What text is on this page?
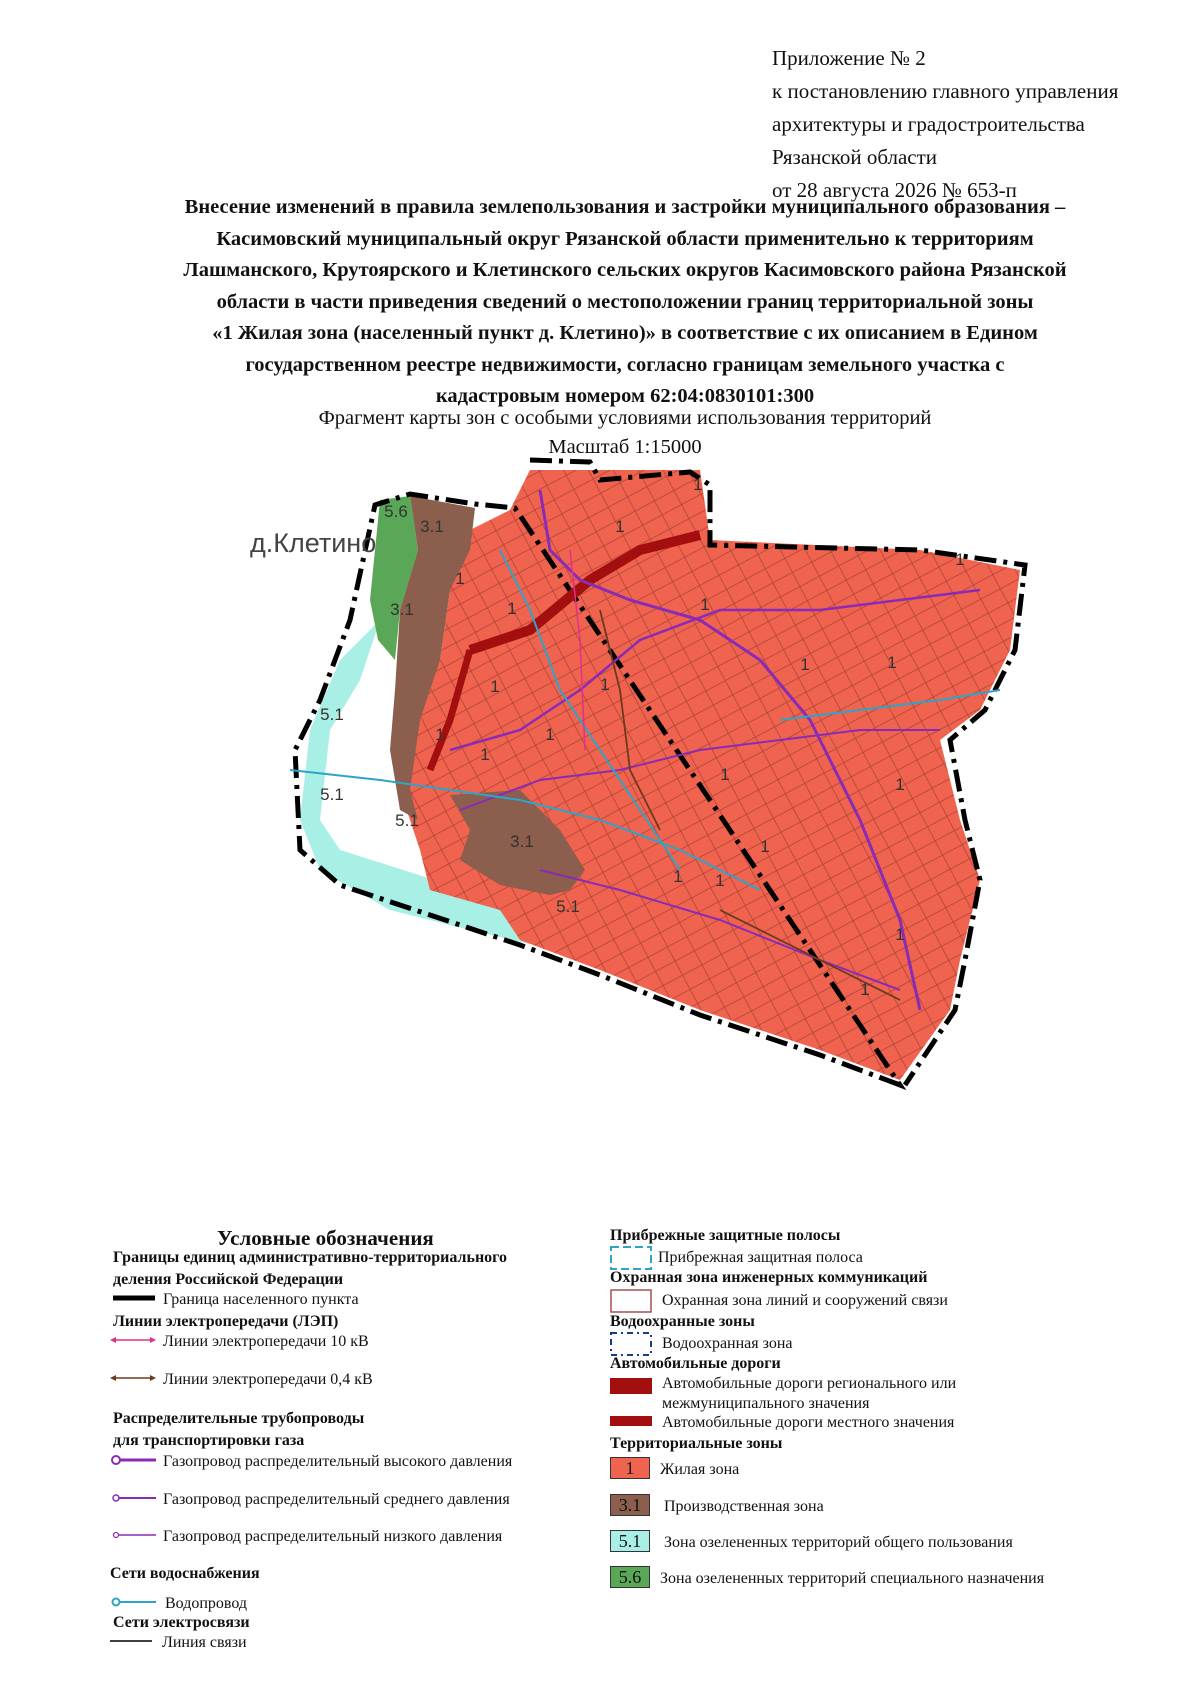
Приложение № 2
к постановлению главного управления
архитектуры и градостроительства
Рязанской области
от 28 августа 2026 № 653-п
Внесение изменений в правила землепользования и застройки муниципального образования –
Касимовский муниципальный округ Рязанской области применительно к территориям
Лашманского, Крутоярского и Клетинского сельских округов Касимовского района Рязанской
области в части приведения сведений о местоположении границ территориальной зоны
«1 Жилая зона (населенный пункт д. Клетино)» в соответствие с их описанием в Едином
государственном реестре недвижимости, согласно границам земельного участка с
кадастровым номером 62:04:0830101:300
Фрагмент карты зон с особыми условиями использования территорий
Масштаб 1:15000
д.Клетино
1
1
1
1
1	1
1	1
1	1
1
1
1
1
1
1
1 1
1
1
3.1
3.1
3.1
5.1
5.1
5.1
5.1
5.6
Условные обозначения
Границы единиц административно-территориального
деления Российской Федерации
Граница населенного пункта
Линии электропередачи (ЛЭП)
Линии электропередачи 10 кВ
Линии электропередачи 0,4 кВ
Распределительные трубопроводы
для транспортировки газа
Газопровод распределительный высокого давления
Газопровод распределительный среднего давления
Газопровод распределительный низкого давления
Сети водоснабжения
Водопровод
Сети электросвязи
Линия связи
Прибрежные защитные полосы
Прибрежная защитная полоса
Охранная зона инженерных коммуникаций
Охранная зона линий и сооружений связи
Водоохранные зоны
Водоохранная зона
Автомобильные дороги
Автомобильные дороги регионального или
межмуниципального значения
Автомобильные дороги местного значения
Территориальные зоны
1	Жилая зона
3.1	Производственная зона
5.1	Зона озелененных территорий общего пользования
5.6	Зона озелененных территорий специального назначения
